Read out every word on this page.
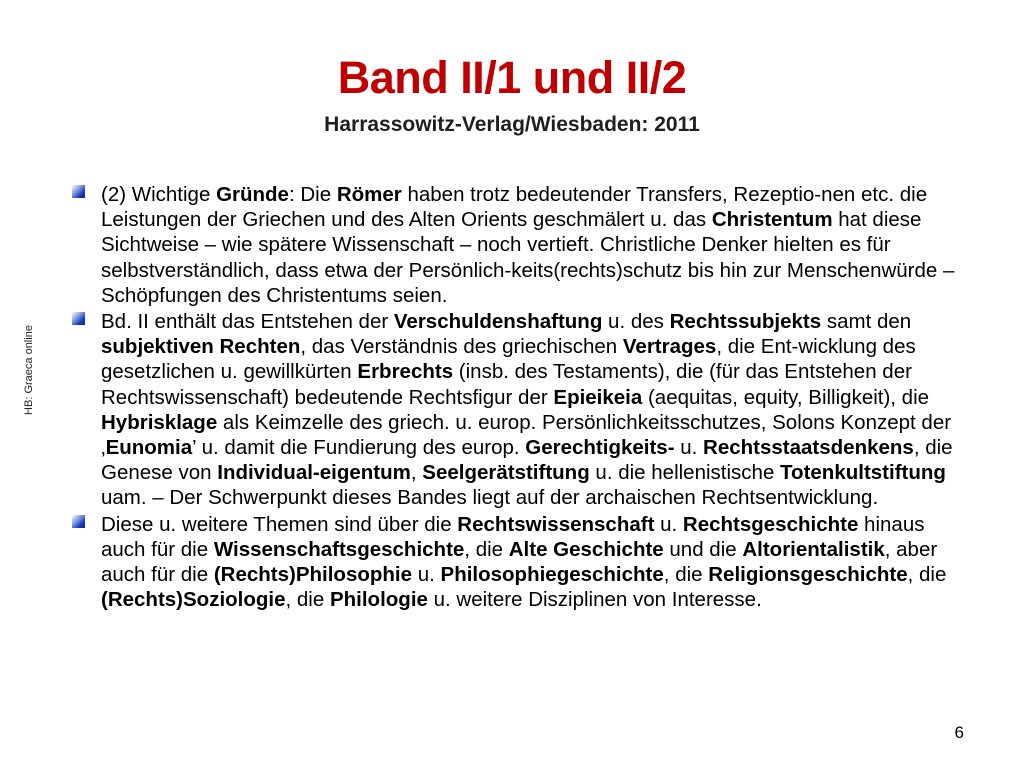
Band II/1 und II/2
Harrassowitz-Verlag/Wiesbaden: 2011
HB: Graeca online
(2) Wichtige Gründe: Die Römer haben trotz bedeutender Transfers, Rezeptio-nen etc. die Leistungen der Griechen und des Alten Orients geschmälert u. das Christentum hat diese Sichtweise – wie spätere Wissenschaft – noch vertieft. Christliche Denker hielten es für selbstverständlich, dass etwa der Persönlich-keits(rechts)schutz bis hin zur Menschenwürde – Schöpfungen des Christentums seien.
Bd. II enthält das Entstehen der Verschuldenshaftung u. des Rechtssubjekts samt den subjektiven Rechten, das Verständnis des griechischen Vertrages, die Ent-wicklung des gesetzlichen u. gewillkürten Erbrechts (insb. des Testaments), die (für das Entstehen der Rechtswissenschaft) bedeutende Rechtsfigur der Epieikeia (aequitas, equity, Billigkeit), die Hybrisklage als Keimzelle des griech. u. europ. Persönlichkeitsschutzes, Solons Konzept der ‚Eunomia’ u. damit die Fundierung des europ. Gerechtigkeits- u. Rechtsstaatsdenkens, die Genese von Individual-eigentum, Seelgerätstiftung u. die hellenistische Totenkultstiftung uam. – Der Schwerpunkt dieses Bandes liegt auf der archaischen Rechtsentwicklung.
Diese u. weitere Themen sind über die Rechtswissenschaft u. Rechtsgeschichte hinaus auch für die Wissenschaftsgeschichte, die Alte Geschichte und die Altorientalistik, aber auch für die (Rechts)Philosophie u. Philosophiegeschichte, die Religionsgeschichte, die (Rechts)Soziologie, die Philologie u. weitere Disziplinen von Interesse.
6
